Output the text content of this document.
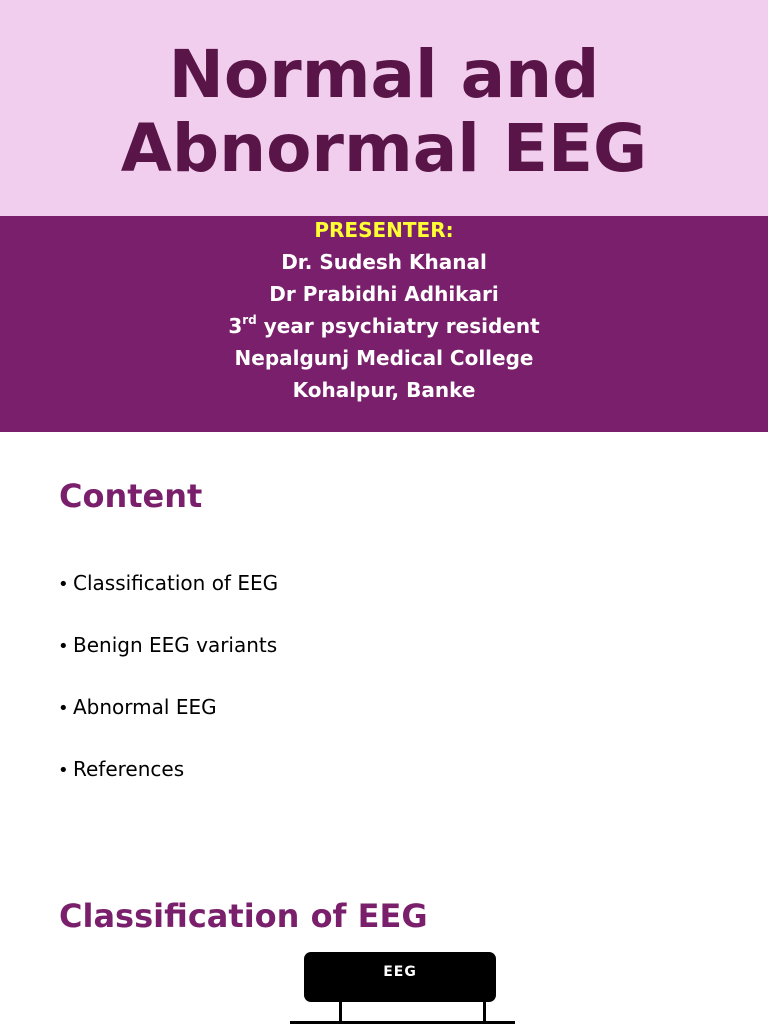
Normal and
Abnormal EEG
PRESENTER:
Dr. Sudesh Khanal
Dr Prabidhi Adhikari
3rd year psychiatry resident
Nepalgunj Medical College
Kohalpur, Banke
Content
• Classification of EEG
• Benign EEG variants
• Abnormal EEG
• References
Classification of EEG
EEG
